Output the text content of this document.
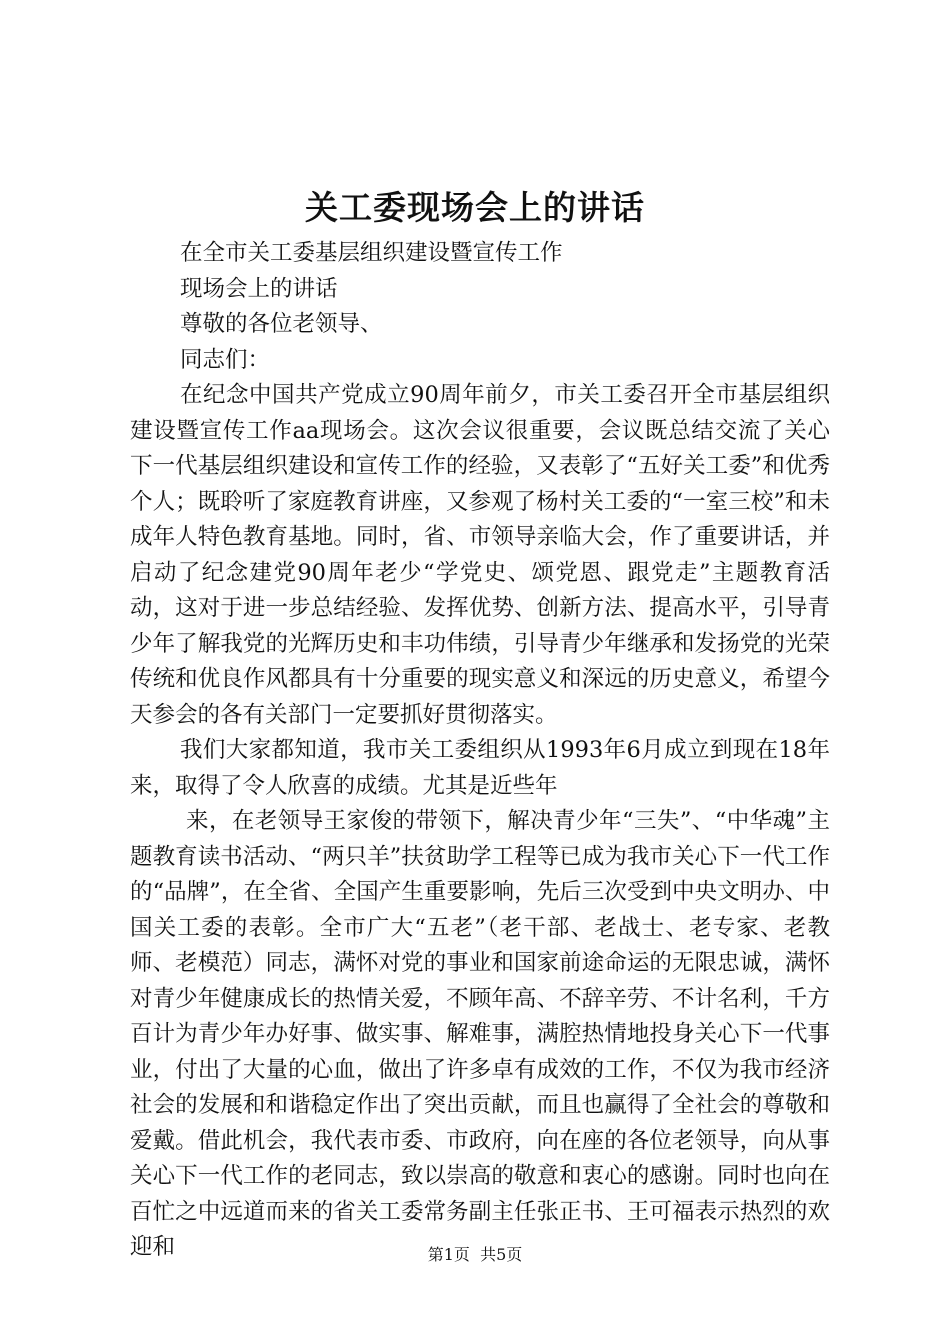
关工委现场会上的讲话
在全市关工委基层组织建设暨宣传工作
现场会上的讲话
尊敬的各位老领导、
同志们：
在纪念中国共产党成立90周年前夕，市关工委召开全市基层组织建设暨宣传工作aa现场会。这次会议很重要，会议既总结交流了关心下一代基层组织建设和宣传工作的经验，又表彰了“五好关工委”和优秀个人；既聆听了家庭教育讲座，又参观了杨村关工委的“一室三校”和未成年人特色教育基地。同时，省、市领导亲临大会，作了重要讲话，并启动了纪念建党90周年老少“学党史、颂党恩、跟党走”主题教育活动，这对于进一步总结经验、发挥优势、创新方法、提高水平，引导青少年了解我党的光辉历史和丰功伟绩，引导青少年继承和发扬党的光荣传统和优良作风都具有十分重要的现实意义和深远的历史意义，希望今天参会的各有关部门一定要抓好贯彻落实。
我们大家都知道，我市关工委组织从1993年6月成立到现在18年来，取得了令人欣喜的成绩。尤其是近些年
来，在老领导王家俊的带领下，解决青少年“三失”、“中华魂”主题教育读书活动、“两只羊”扶贫助学工程等已成为我市关心下一代工作的“品牌”，在全省、全国产生重要影响，先后三次受到中央文明办、中国关工委的表彰。全市广大“五老”（老干部、老战士、老专家、老教师、老模范）同志，满怀对党的事业和国家前途命运的无限忠诚，满怀对青少年健康成长的热情关爱，不顾年高、不辞辛劳、不计名利，千方百计为青少年办好事、做实事、解难事，满腔热情地投身关心下一代事业，付出了大量的心血，做出了许多卓有成效的工作，不仅为我市经济社会的发展和和谐稳定作出了突出贡献，而且也赢得了全社会的尊敬和爱戴。借此机会，我代表市委、市政府，向在座的各位老领导，向从事关心下一代工作的老同志，致以崇高的敬意和衷心的感谢。同时也向在百忙之中远道而来的省关工委常务副主任张正书、王可福表示热烈的欢迎和	第1页 共5页
